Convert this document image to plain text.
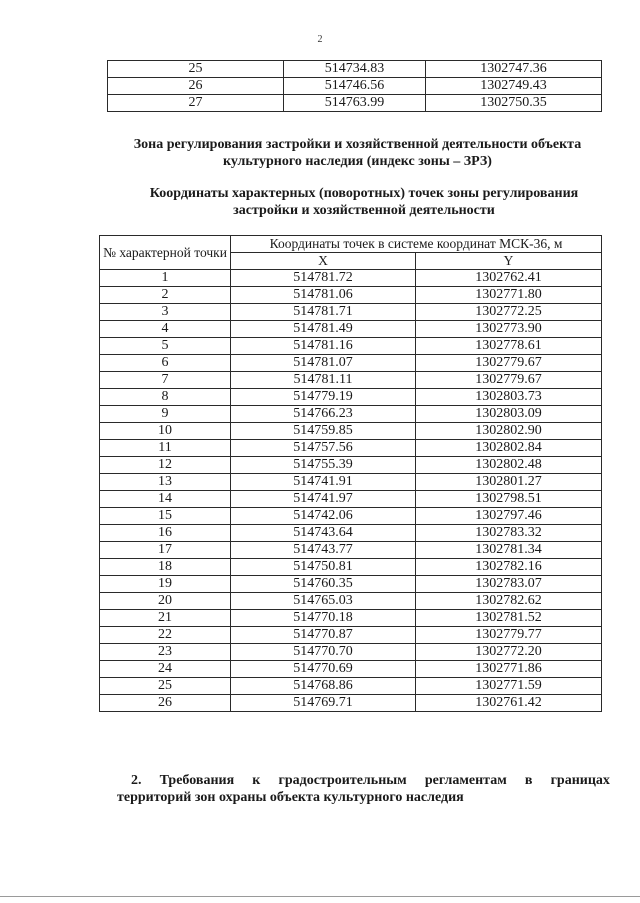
2
25	514734.83	1302747.36
26	514746.56	1302749.43
27	514763.99	1302750.35
Зона регулирования застройки и хозяйственной деятельности объекта
культурного наследия (индекс зоны – ЗРЗ)
Координаты характерных (поворотных) точек зоны регулирования
застройки и хозяйственной деятельности
№ характерной точки	Координаты точек в системе координат МСК-36, м	
	X	Y
1	514781.72	1302762.41
2	514781.06	1302771.80
3	514781.71	1302772.25
4	514781.49	1302773.90
5	514781.16	1302778.61
6	514781.07	1302779.67
7	514781.11	1302779.67
8	514779.19	1302803.73
9	514766.23	1302803.09
10	514759.85	1302802.90
11	514757.56	1302802.84
12	514755.39	1302802.48
13	514741.91	1302801.27
14	514741.97	1302798.51
15	514742.06	1302797.46
16	514743.64	1302783.32
17	514743.77	1302781.34
18	514750.81	1302782.16
19	514760.35	1302783.07
20	514765.03	1302782.62
21	514770.18	1302781.52
22	514770.87	1302779.77
23	514770.70	1302772.20
24	514770.69	1302771.86
25	514768.86	1302771.59
26	514769.71	1302761.42
2. Требования к градостроительным регламентам в границах
территорий зон охраны объекта культурного наследия
